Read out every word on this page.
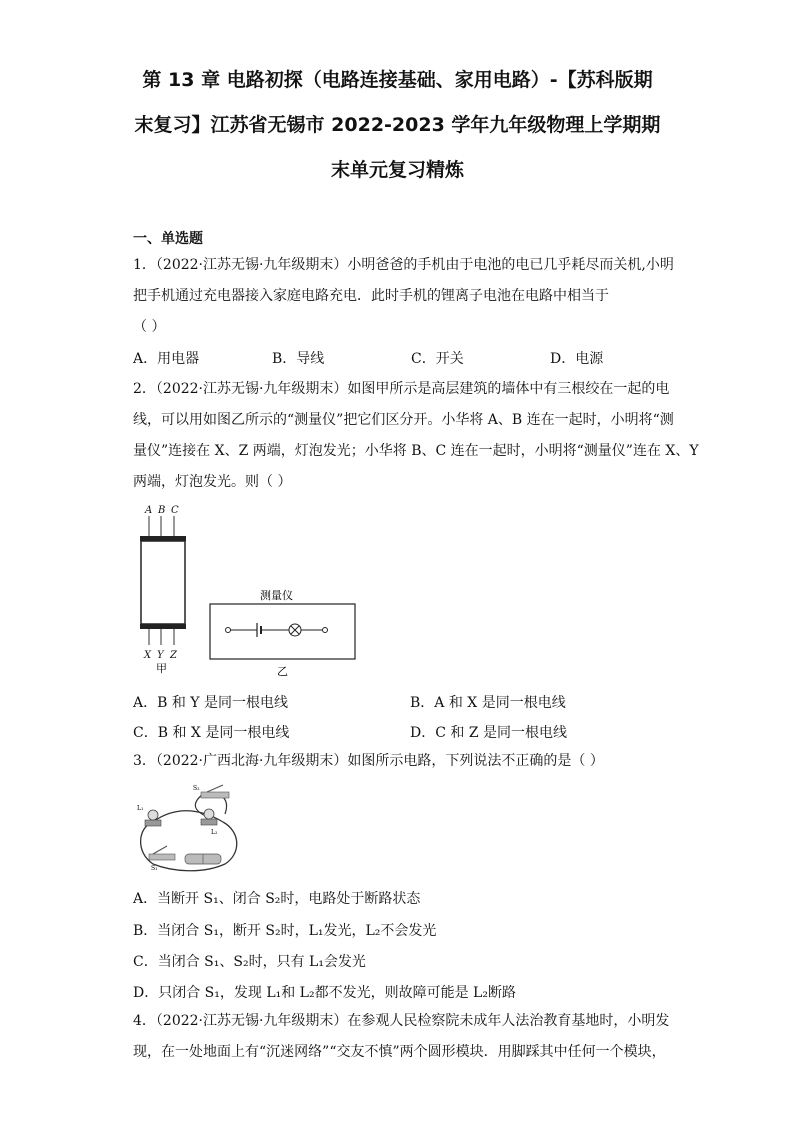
第 13 章 电路初探（电路连接基础、家用电路）-【苏科版期
末复习】江苏省无锡市 2022-2023 学年九年级物理上学期期
末单元复习精炼
一、单选题
1．（2022·江苏无锡·九年级期末）小明爸爸的手机由于电池的电已几乎耗尽而关机,小明
把手机通过充电器接入家庭电路充电．此时手机的锂离子电池在电路中相当于
（ ）
A．用电器	B．导线	C．开关	D．电源
2．（2022·江苏无锡·九年级期末）如图甲所示是高层建筑的墙体中有三根绞在一起的电
线，可以用如图乙所示的“测量仪”把它们区分开。小华将 A、B 连在一起时，小明将“测
量仪”连接在 X、Z 两端，灯泡发光；小华将 B、C 连在一起时，小明将“测量仪”连在 X、Y
两端，灯泡发光。则（ ）
A B C
X Y Z
甲
测量仪
乙
A．B 和 Y 是同一根电线	B．A 和 X 是同一根电线
C．B 和 X 是同一根电线	D．C 和 Z 是同一根电线
3．（2022·广西北海·九年级期末）如图所示电路，下列说法不正确的是（ ）
S₂
L₁
L₂
S₁
A．当断开 S₁、闭合 S₂时，电路处于断路状态
B．当闭合 S₁，断开 S₂时，L₁发光，L₂不会发光
C．当闭合 S₁、S₂时，只有 L₁会发光
D．只闭合 S₁，发现 L₁和 L₂都不发光，则故障可能是 L₂断路
4．（2022·江苏无锡·九年级期末）在参观人民检察院未成年人法治教育基地时，小明发
现，在一处地面上有“沉迷网络”“交友不慎”两个圆形模块．用脚踩其中任何一个模块，
